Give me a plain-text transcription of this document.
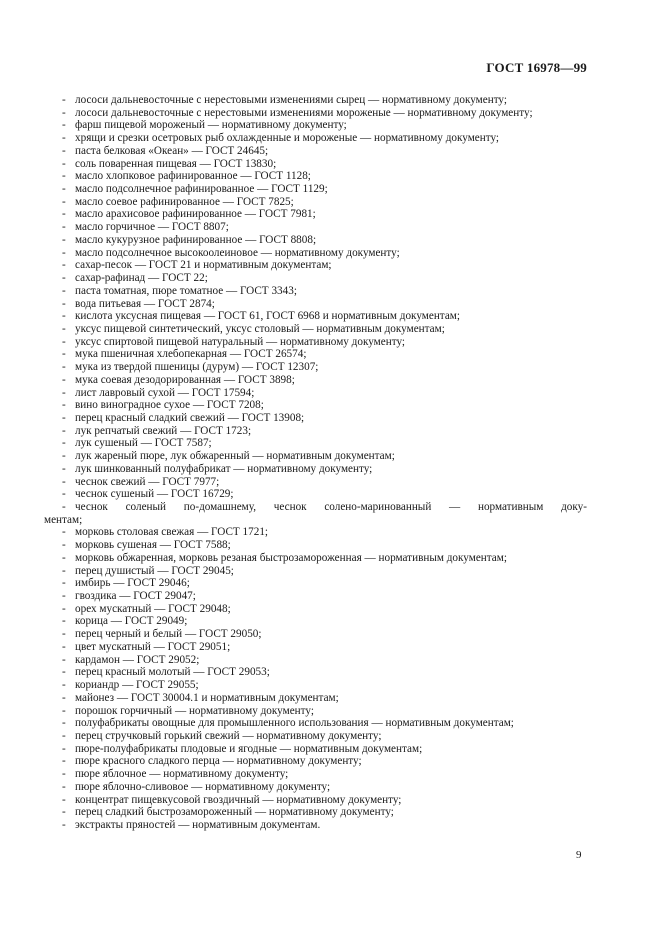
ГОСТ 16978—99
- лососи дальневосточные с нерестовыми изменениями сырец — нормативному документу;
- лососи дальневосточные с нерестовыми изменениями мороженые — нормативному документу;
- фарш пищевой мороженый — нормативному документу;
- хрящи и срезки осетровых рыб охлажденные и мороженые — нормативному документу;
- паста белковая «Океан» — ГОСТ 24645;
- соль поваренная пищевая — ГОСТ 13830;
- масло хлопковое рафинированное — ГОСТ 1128;
- масло подсолнечное рафинированное — ГОСТ 1129;
- масло соевое рафинированное — ГОСТ 7825;
- масло арахисовое рафинированное — ГОСТ 7981;
- масло горчичное — ГОСТ 8807;
- масло кукурузное рафинированное — ГОСТ 8808;
- масло подсолнечное высокоолеиновое — нормативному документу;
- сахар-песок — ГОСТ 21 и нормативным документам;
- сахар-рафинад — ГОСТ 22;
- паста томатная, пюре томатное — ГОСТ 3343;
- вода питьевая — ГОСТ 2874;
- кислота уксусная пищевая — ГОСТ 61, ГОСТ 6968 и нормативным документам;
- уксус пищевой синтетический, уксус столовый — нормативным документам;
- уксус спиртовой пищевой натуральный — нормативному документу;
- мука пшеничная хлебопекарная — ГОСТ 26574;
- мука из твердой пшеницы (дурум) — ГОСТ 12307;
- мука соевая дезодорированная — ГОСТ 3898;
- лист лавровый сухой — ГОСТ 17594;
- вино виноградное сухое — ГОСТ 7208;
- перец красный сладкий свежий — ГОСТ 13908;
- лук репчатый свежий — ГОСТ 1723;
- лук сушеный — ГОСТ 7587;
- лук жареный пюре, лук обжаренный — нормативным документам;
- лук шинкованный полуфабрикат — нормативному документу;
- чеснок свежий — ГОСТ 7977;
- чеснок сушеный — ГОСТ 16729;
- чеснок соленый по-домашнему, чеснок солено-маринованный — нормативным доку-
ментам;
- морковь столовая свежая — ГОСТ 1721;
- морковь сушеная — ГОСТ 7588;
- морковь обжаренная, морковь резаная быстрозамороженная — нормативным документам;
- перец душистый — ГОСТ 29045;
- имбирь — ГОСТ 29046;
- гвоздика — ГОСТ 29047;
- орех мускатный — ГОСТ 29048;
- корица — ГОСТ 29049;
- перец черный и белый — ГОСТ 29050;
- цвет мускатный — ГОСТ 29051;
- кардамон — ГОСТ 29052;
- перец красный молотый — ГОСТ 29053;
- кориандр — ГОСТ 29055;
- майонез — ГОСТ 30004.1 и нормативным документам;
- порошок горчичный — нормативному документу;
- полуфабрикаты овощные для промышленного использования — нормативным документам;
- перец стручковый горький свежий — нормативному документу;
- пюре-полуфабрикаты плодовые и ягодные — нормативным документам;
- пюре красного сладкого перца — нормативному документу;
- пюре яблочное — нормативному документу;
- пюре яблочно-сливовое — нормативному документу;
- концентрат пищевкусовой гвоздичный — нормативному документу;
- перец сладкий быстрозамороженный — нормативному документу;
- экстракты пряностей — нормативным документам.
9
